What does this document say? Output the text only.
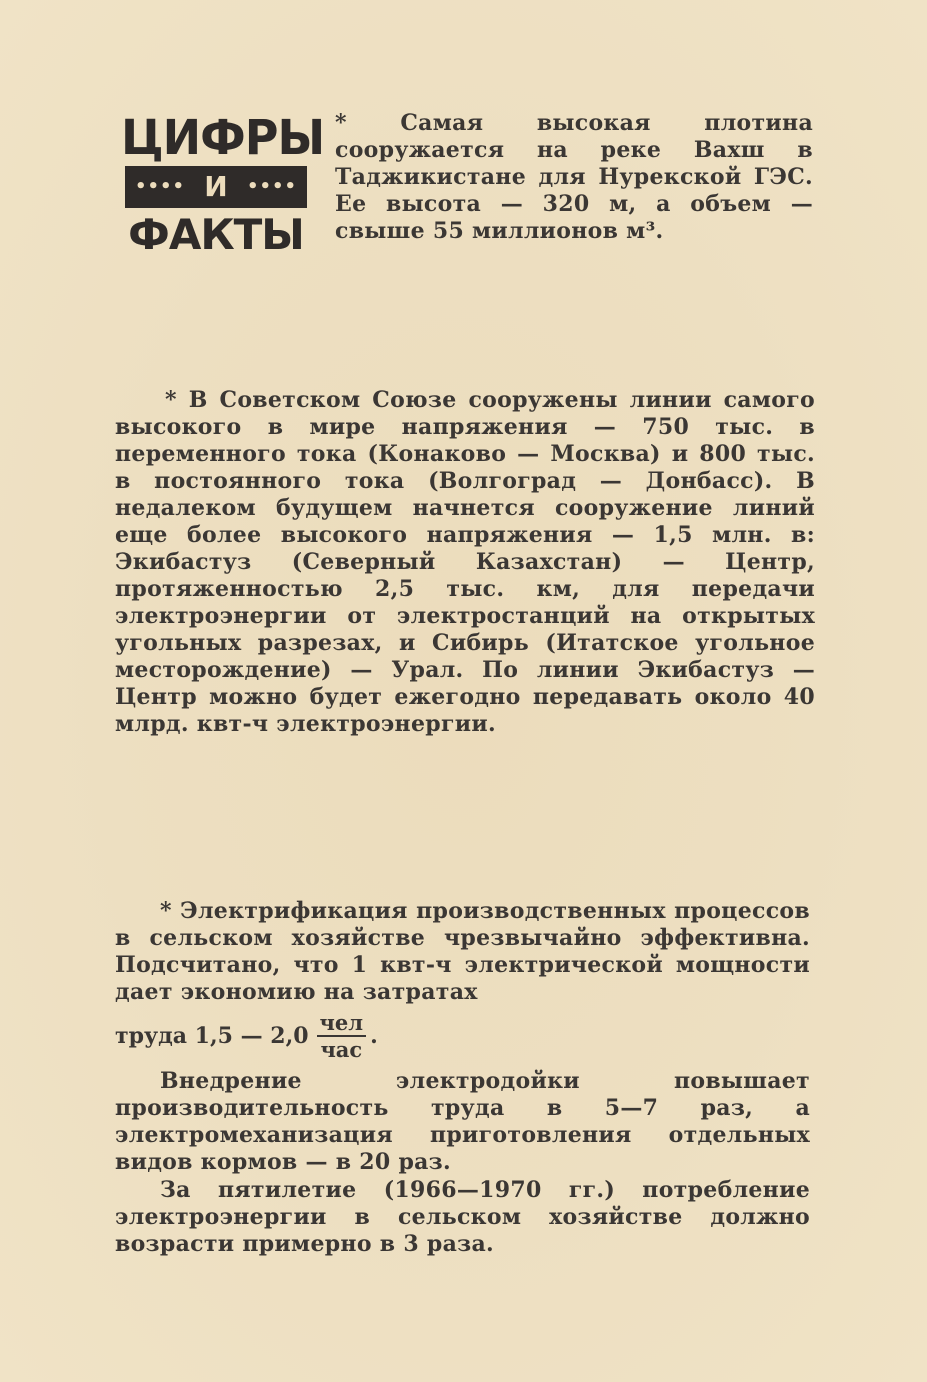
ЦИФРЫ
•••• И ••••
ФАКТЫ

* Самая высокая плотина сооружается на реке Вахш в Таджикистане для Нурекской ГЭС. Ее высота — 320 м, а объем — свыше 55 миллионов м³.

* В Советском Союзе сооружены линии самого высокого в мире напряжения — 750 тыс. в переменного тока (Конаково — Москва) и 800 тыс. в постоянного тока (Волгоград — Донбасс). В недалеком будущем начнется сооружение линий еще более высокого напряжения — 1,5 млн. в: Экибастуз (Северный Казахстан) — Центр, протяженностью 2,5 тыс. км, для передачи электроэнергии от электростанций на открытых угольных разрезах, и Сибирь (Итатское угольное месторождение) — Урал. По линии Экибастуз — Центр можно будет ежегодно передавать около 40 млрд. квт-ч электроэнергии.

* Электрификация производственных процессов в сельском хозяйстве чрезвычайно эффективна. Подсчитано, что 1 квт-ч электрической мощности дает экономию на затратах

труда 1,5 — $2,0 \frac{\text{чел}}{\text{час}}$ .

Внедрение электродойки повышает производительность труда в 5—7 раз, а электромеханизация приготовления отдельных видов кормов — в 20 раз.

За пятилетие (1966—1970 гг.) потребление электроэнергии в сельском хозяйстве должно возрасти примерно в 3 раза.
